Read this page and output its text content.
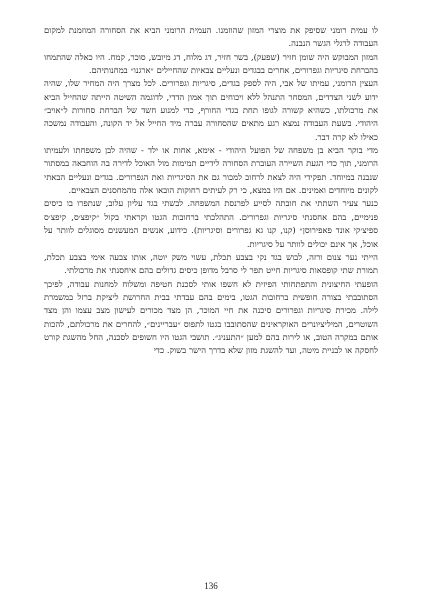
לו עמית רומני שסיפק את מוצרי המזון שהוזמנו. העמית הרומני הביא את הסחורה המוזמנת למקום העבודה לרגלי הגשר הנבנה.

המזון המבוקש היה שומן חזיר (שפעק), בשר חזיר, דג מלוח, דג מיובש, סוכר, קמח. היו כאלה שהתמחו בהברחת סיגריות וגפרורים, אחרים בבגדים ונעליים צבאיות שהחיילים ״ארגנו״ במחנותיהם.

העצין הרומני, עמיתו של אבי, היה לספק בגדים, סיגריות וגפרורים. לכל מצרך היה המחיר שלו, שהיה ידוע לשני הצדדים, המסחר התנהל ללא ויכוחים תוך אמון הדדי, לדוגמה השיטה הייתה שהחייל הביא את מרכולתו, כשהיא קשורה לגופו תחת בגדי החורף, כדי למנוע חשד של הברחת סחורות ל״אויב״ היהודי. בשעת העבודה נמצא רגע מתאים שהסחורה עברה מיד החייל אל יד הקונה, והעבודה נמשכה כאילו לא קרה דבר.

מדי בוקר הביא בן משפחה של הפועל היהודי - אימא, אחות או ילד - שהיה לבן משפחתו ולעמיתו הרומני, תוך כדי הגעת השיירה העוברת הסחורה לידיים תמימות מול האוכל לדירה בה הוחבאה במסתור שנבנה במיוחד. תפקידי היה לצאת לרחוב למכור גם את הסיגריות ואת הגפרורים. בגדים ונעליים הבאתי לקונים מיוחדים ואמינים. אם היו במצא, כי רק לעיתים רחוקות הובאו אלה מהמחסנים הצבאיים.

כנער צעיר השתתי את חובתה לסייע לפרנסת המשפחה. לבשתי בגד עליון עלוב, שנתפרו בו כיסים פנימיים, בהם אחסנתי סיגריות וגפרורים. התהלכתי ברחובות הגטו וקראתי בקול ״קיפצ׳ס, קיפצ׳ס ספיצ׳קי אונד פאפירוסן״ (קנו, קנו גא גפרורים וסיגריות). כידוע, אנשים המעשנים מסוגלים לוותר על אוכל, אך אינם יכולים לוותר על סיגריות.

הייתי נער צנום ורזה, לבוש בגד נקי בצבע תכלת, עשוי משק יוטה, אותו צבעה אימי בצבע תכלת, תמורת שתי קופסאות סיגריות חייט תפר לי סרבל מדופן כיסים גדולים בהם איחסנתי את מרכולתי.

הופעתי החיצונית והתפתחותי הפיזית לא חשפו אותי לסכנת חטיפה ומשלוח למחנות עבודה, לפיכך הסתובבתי בצורה חופשית ברחובות הגטו, בימים בהם עבדתי בבית החרושת ליציקת ברזל במשמרת לילה. מכירת סיגריות וגפרורים סיכנה את חיי המוכר, הן מצד מכורים לעישון מצב עצמו והן מצד השוטרים, המיליציונרים האוקראינים שהסתובבו בגטו לתפוס ״עבריינים״, להחרים את מרכולתם, להכות אותם במקרה הטוב, או לירות בהם למען ״התעניג״. תושבי הגטו היו חשופים לסכנה, החל מהשגת קורט לחסקה או לבניית מיטה, ועד להשגת מזון שלא בדרך הישר בשוק. כדי

136
